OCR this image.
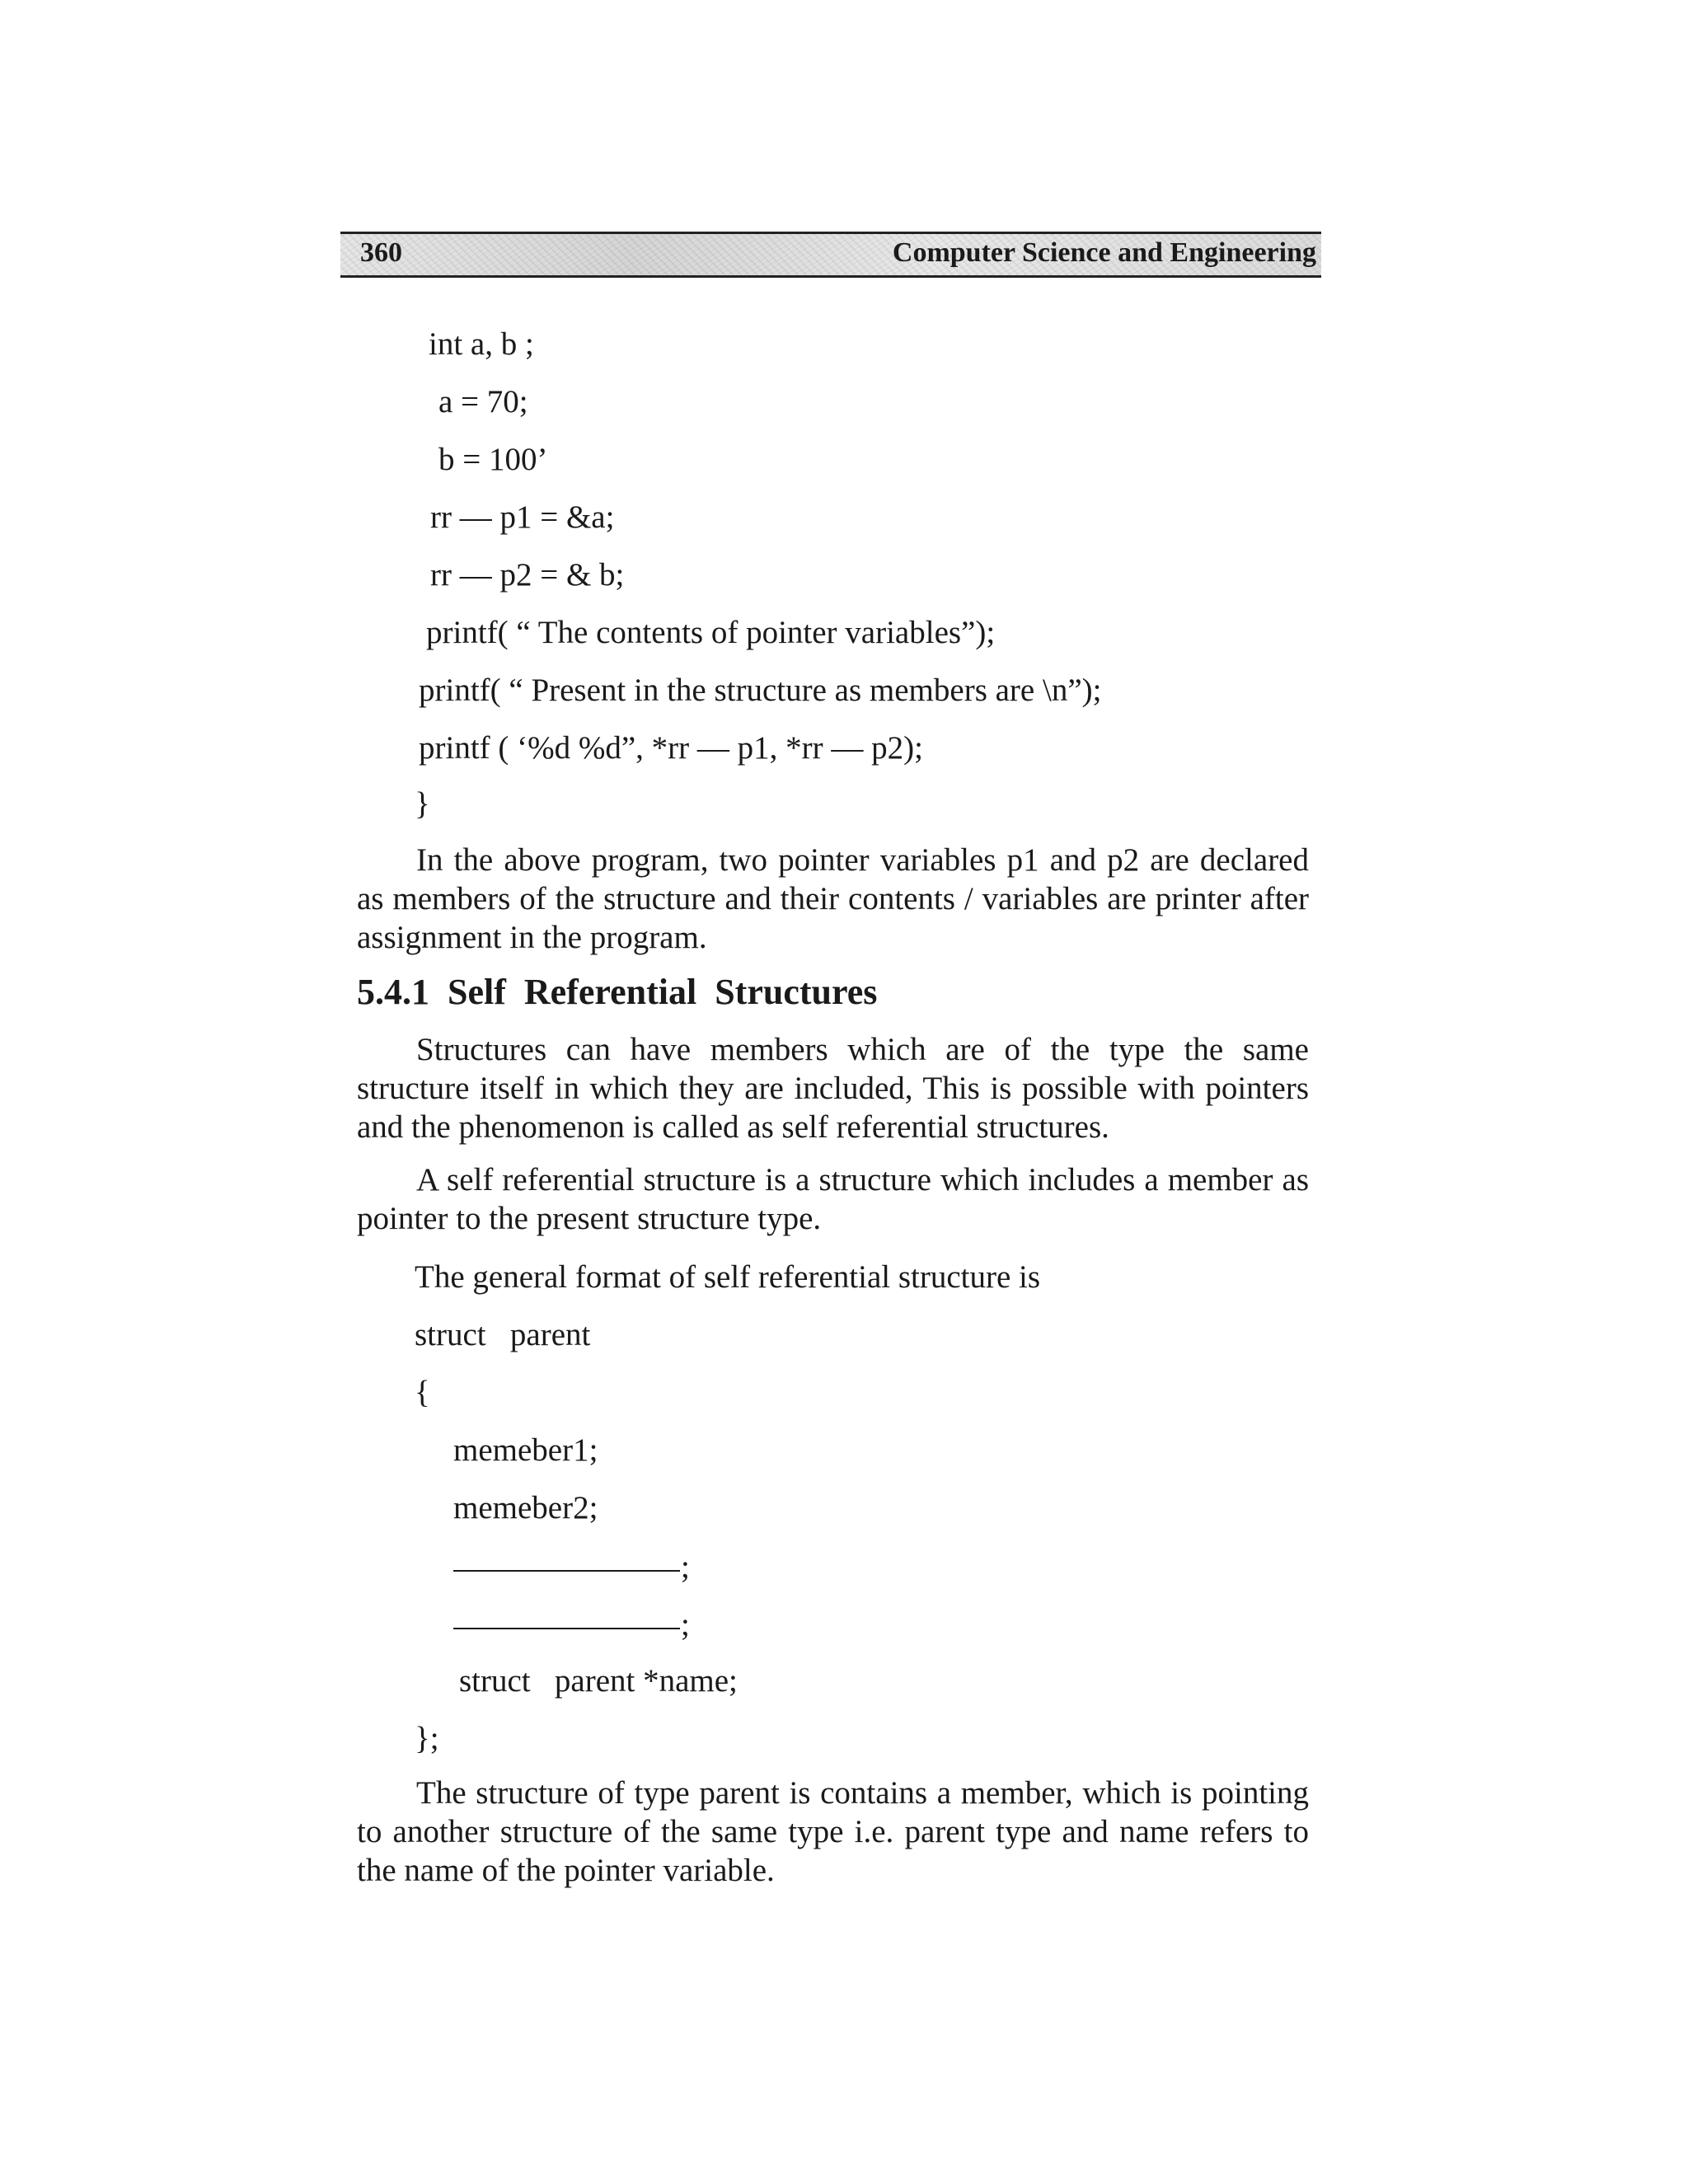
360	Computer Science and Engineering
int a, b ;
a = 70;
b = 100’
rr — p1 = &a;
rr — p2 = & b;
printf( “ The contents of pointer variables”);
printf( “ Present in the structure as members are \n”);
printf ( ‘%d %d”, *rr — p1, *rr — p2);
}
In the above program, two pointer variables p1 and p2 are declared as members of the structure and their contents / variables are printer after assignment in the program.
5.4.1  Self  Referential  Structures
Structures can have members which are of the type the same structure itself in which they are included, This is possible with pointers and the phenomenon is called as self referential structures.
A self referential structure is a structure which includes a member as pointer to the present structure type.
The general format of self referential structure is
struct   parent
{
memeber1;
memeber2;
;
;
struct   parent *name;
};
The structure of type parent is contains a member, which is pointing to another structure of the same type i.e. parent type and name refers to the name of the pointer variable.
